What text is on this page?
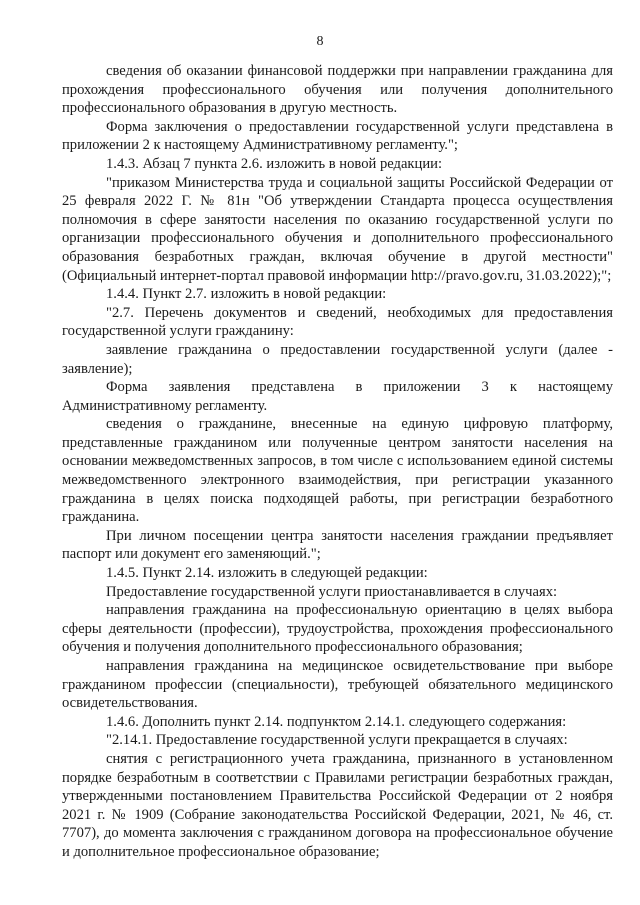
8

сведения об оказании финансовой поддержки при направлении гражданина для прохождения профессионального обучения или получения дополнительного профессионального образования в другую местность.

Форма заключения о предоставлении государственной услуги представлена в приложении 2 к настоящему Административному регламенту.";

1.4.3. Абзац 7 пункта 2.6. изложить в новой редакции:

"приказом Министерства труда и социальной защиты Российской Федерации от 25 февраля 2022 Г. № 81н "Об утверждении Стандарта процесса осуществления полномочия в сфере занятости населения по оказанию государственной услуги по организации профессионального обучения и дополнительного профессионального образования безработных граждан, включая обучение в другой местности" (Официальный интернет-портал правовой информации http://pravo.gov.ru, 31.03.2022);";

1.4.4. Пункт 2.7. изложить в новой редакции:

"2.7. Перечень документов и сведений, необходимых для предоставления государственной услуги гражданину:

заявление гражданина о предоставлении государственной услуги (далее - заявление);

Форма заявления представлена в приложении 3 к настоящему Административному регламенту.

сведения о гражданине, внесенные на единую цифровую платформу, представленные гражданином или полученные центром занятости населения на основании межведомственных запросов, в том числе с использованием единой системы межведомственного электронного взаимодействия, при регистрации указанного гражданина в целях поиска подходящей работы, при регистрации безработного гражданина.

При личном посещении центра занятости населения граждании предъявляет паспорт или документ его заменяющий.";

1.4.5. Пункт 2.14. изложить в следующей редакции:

Предоставление государственной услуги приостанавливается в случаях:

направления гражданина на профессиональную ориентацию в целях выбора сферы деятельности (профессии), трудоустройства, прохождения профессионального обучения и получения дополнительного профессионального образования;

направления гражданина на медицинское освидетельствование при выборе гражданином профессии (специальности), требующей обязательного медицинского освидетельствования.

1.4.6. Дополнить пункт 2.14. подпунктом 2.14.1. следующего содержания:

"2.14.1. Предоставление государственной услуги прекращается в случаях:

снятия с регистрационного учета гражданина, признанного в установленном порядке безработным в соответствии с Правилами регистрации безработных граждан, утвержденными постановлением Правительства Российской Федерации от 2 ноября 2021 г. № 1909 (Собрание законодательства Российской Федерации, 2021, № 46, ст. 7707), до момента заключения с гражданином договора на профессиональное обучение и дополнительное профессиональное образование;
